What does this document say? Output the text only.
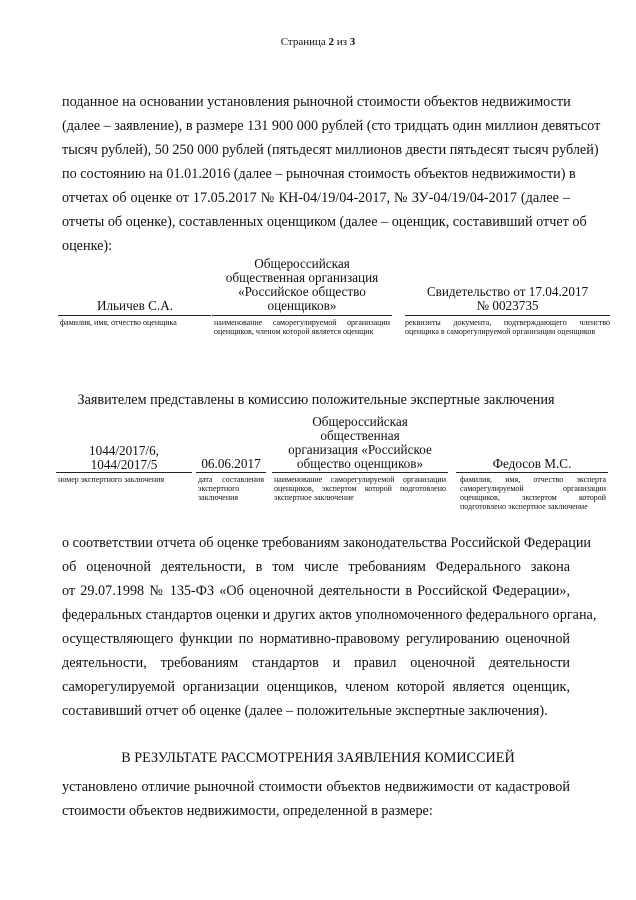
Страница 2 из 3
поданное на основании установления рыночной стоимости объектов недвижимости
(далее – заявление), в размере 131 900 000 рублей (сто тридцать один миллион девятьсот
тысяч рублей), 50 250 000 рублей (пятьдесят миллионов двести пятьдесят тысяч рублей)
по состоянию на 01.01.2016 (далее – рыночная стоимость объектов недвижимости) в
отчетах об оценке от 17.05.2017 № КН-04/19/04-2017, № ЗУ-04/19/04-2017 (далее –
отчеты об оценке), составленных оценщиком (далее – оценщик, составивший отчет об
оценке):
Ильичев С.А.
фамилия, имя, отчество оценщика
Общероссийская
общественная организация
«Российское общество
оценщиков»
наименование саморегулируемой организации оценщиков, членом которой является оценщик
Свидетельство от 17.04.2017
№ 0023735
реквизиты документа, подтверждающего членство оценщика в саморегулируемой организации оценщиков
Заявителем представлены в комиссию положительные экспертные заключения
1044/2017/6,
1044/2017/5
номер экспертного заключения
06.06.2017
дата составления экспертного заключения
Общероссийская
общественная
организация «Российское
общество оценщиков»
наименование саморегулируемой организации оценщиков, экспертом которой подготовлено экспертное заключение
Федосов М.С.
фамилия, имя, отчество эксперта саморегулируемой организации оценщиков, экспертом которой подготовлено экспертное заключение
о соответствии отчета об оценке требованиям законодательства Российской Федерации
об оценочной деятельности, в том числе требованиям Федерального закона
от 29.07.1998 № 135-ФЗ «Об оценочной деятельности в Российской Федерации»,
федеральных стандартов оценки и других актов уполномоченного федерального органа,
осуществляющего функции по нормативно-правовому регулированию оценочной
деятельности, требованиям стандартов и правил оценочной деятельности
саморегулируемой организации оценщиков, членом которой является оценщик,
составивший отчет об оценке (далее – положительные экспертные заключения).
В РЕЗУЛЬТАТЕ РАССМОТРЕНИЯ ЗАЯВЛЕНИЯ КОМИССИЕЙ
установлено отличие рыночной стоимости объектов недвижимости от кадастровой
стоимости объектов недвижимости, определенной в размере:
